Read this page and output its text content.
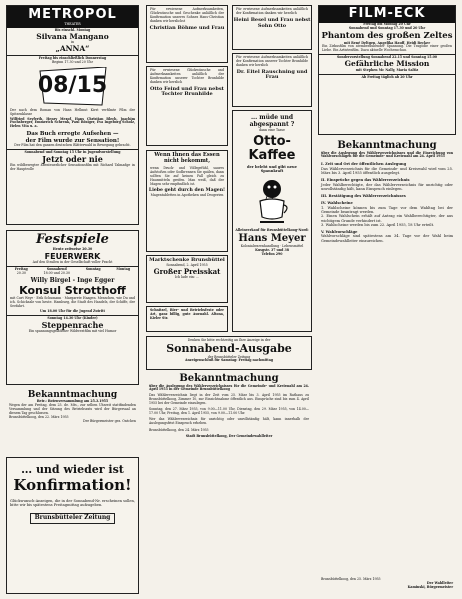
METROPOL
THEATER
Bis einschl. Montag
Silvana Mangano
in
„ANNA“
Freitag bis einschließlich Donnerstag
Beginn 17.30 und 20 Uhr
08/15
Der nach dem Roman von Hans Hellmut Kirst verfilmte Film der Spitzenklasse
Wilfried Seyferth, Henry Mexof, Hans Christian Blech, Joachim Fuchsberger, Emmerich Schrenk, Paul Bösiger, Eva Ingeborg Scholz, Helen Vita u. a.
Das Buch erregte Aufsehen —
der Film wurde zur Sensation!
Der Film hat den ganzen deutschen Blätterwald in Bewegung gebracht.
Sonnabend und Sonntag 15 Uhr in Jugendvorstellung
Jetzt oder nie
Ein wildbewegter abenteuerlicher Sensationsfilm mit Richard Talmadge in der Hauptrolle
Festspiele
Heute zeitweise 20.30
FEUERWERK
Auf den Straßen in der Gesellschaft voller Pracht
Freitag
20.30
Sonnabend
18.00 und 20.30
Sonntag	Montag
Willy Birgel - Inge Egger
Konsul Strotthoff
mit Curt Weyr · Erik Schumann · Margarete Haagen. Menschen, wie Du und ich. Schicksale von heute. Hamburg, die Stadt des Handels, der Schiffe, der Seefahrt.
Um 18.00 Uhr für die Jugend Zutritt
Sonntag 14.30 Uhr (Kinder)
Steppenrache
Ein spannungsgeladener Wildwestfilm mit viel Humor
Bekanntmachung
Betr.: Botenversammlung am 25.3.1955
Wegen der am Freitag, dem 25. de. Mts., zur selben Uhrzeit stattfindenden Versammlung und der Sitzung des Betriebsrats wird der Bürgersaal an diesem Tag geschlossen.
Brunsbüttelkoog, den 22. März 1955
Der Bürgermeister gez. Ontchen
… und wieder ist
Konfirmation!
Glückwunsch-Anzeigen, die in der Sonnabend-Nr. erscheinen sollen, bitte wir bis spätestens Freitagmittag aufzugeben.
Brunsbütteler Zeitung
Für erwiesene Aufmerksamkeiten, Glückwünsche und Geschenke anläßlich der Konfirmation unseres Sohnes Hans-Christian danken wir herzlichst
Christian Böhme und Frau
Für erwiesene Glückwünsche und Aufmerksamkeiten anläßlich der Konfirmation unserer Tochter Brunhilde danken wir herzlich
Otto Feind und Frau nebst Tochter Brunhilde
Für erwiesene Aufmerksamkeiten anläßlich der Konfirmation danken wir herzlich
Heini Besel und Frau nebst Sohn Otto
Für erwiesene Aufmerksamkeiten anläßlich der Konfirmation unserer Tochter Brunhilde danken wir herzlich
Dr. Eitel Rauschning und Frau
Wenn Ihnen das Essen nicht bekommt,
wenn Druck- und Völlegefühl, saures Aufstoßen oder Sodbrennen Sie quälen, dann sollten Sie auf keinen Fall gleich zu Hausmitteln greifen. Man weiß, daß der Magen sehr empfindlich ist.
Liebe geht durch den Magen!
Magentabletten in Apotheken und Drogerien
Marktschenke Brunsbüttel
Sonnabend, 2. April 1955
Großer Preisskat
Ich lade ein: ...
Schnitzel, Bier- und Betriebsfeste oder Art, ganz billig, gute Auswahl. Altona, Kieler Str.
... müde und abgespannt ?
dann eine Tasse
Otto-Kaffee
der belebt und gibt neue Spannkraft
Alleinverkauf für Brunsbüttelkoog-Nord:
Hans Meyer
Kolonialwarenhandlung · Lebensmittel
Kusgstr. 37 und 38
Telefon 290
Denken Sie bitte rechtzeitig an Ihre Anzeige in der
Sonnabend-Ausgabe
der Brunsbütteler Zeitung
Anzeigenschluß für Samstag: Freitag nachmittag
Bekanntmachung
über die Auslegung des Wählerverzeichnisses für die Gemeinde- und Kreiswahl am 24. April 1955 in der Gemeinde Brunsbüttelkoog
Das Wählerverzeichnis liegt in der Zeit vom 25. März bis 3. April 1955 im Rathaus zu Brunsbüttelkoog, Zimmer 10, zur Einsichtnahme öffentlich aus. Einsprüche sind bis zum 4. April 1955 bei der Gemeinde einzulegen.
Sonntag, den 27. März 1955, von 9.00—11.00 Uhr, Dienstag, den 29. März 1955, von 14.00—17.00 Uhr, Freitag, den 1. April 1955, von 9.00—11.00 Uhr.
Wer das Wählerverzeichnis für unrichtig oder unvollständig hält, kann innerhalb der Auslegungsfrist Einspruch erheben.
Brunsbüttelkoog, den 24. März 1955
Stadt Brunsbüttelkoog, Der Gemeindewahlleiter
FILM-ECK
Freitag bis Montag 20 Uhr
Sonnabend und Sonntag 17.30 und 20 Uhr
Phantom des großen Zeltes
mit René Deltgen, Angelika Hauff, Heidi Becker
Ein Zirkusfilm von atemberaubender Spannung. Die Tragödie einer großen Liebe. Ein Artistenfilm. Dazu aktuelle Wochenschau.
Sondervorstellung Sonnabend 22.15 und Sonntag 15.00
Gefährliche Mission
mit Stephen Mc Nally, Maria Saltiz
Ab Freitag täglich ab 20 Uhr
Bekanntmachung
über die Auslegung des Wählerverzeichnisses und die Einreichung von Wahlvorschlägen für die Gemeinde- und Kreiswahl am 24. April 1955
I. Zeit und Ort der öffentlichen Auslegung
Das Wählerverzeichnis für die Gemeinde- und Kreiswahl wird vom 25. März bis 3. April 1955 öffentlich ausgelegt.
II. Einsprüche gegen das Wählerverzeichnis
Jeder Wahlberechtigte, der das Wählerverzeichnis für unrichtig oder unvollständig hält, kann Einspruch einlegen.
III. Bestätigung des Wählerverzeichnisses
IV. Wahlscheine
1. Wahlscheine können bis zum Tage vor dem Wahltag bei der Gemeinde beantragt werden.
2. Einen Wahlschein erhält auf Antrag ein Wahlberechtigter, der aus wichtigem Grunde verhindert ist.
3. Wahlscheine werden bis zum 22. April 1955, 18 Uhr erteilt.
V. Wahlvorschläge
Wahlvorschläge sind spätestens am 34. Tage vor der Wahl beim Gemeindewahlleiter einzureichen.
Brunsbüttelkoog, den 25. März 1955
Der Wahlleiter
Kaminski, Bürgermeister
